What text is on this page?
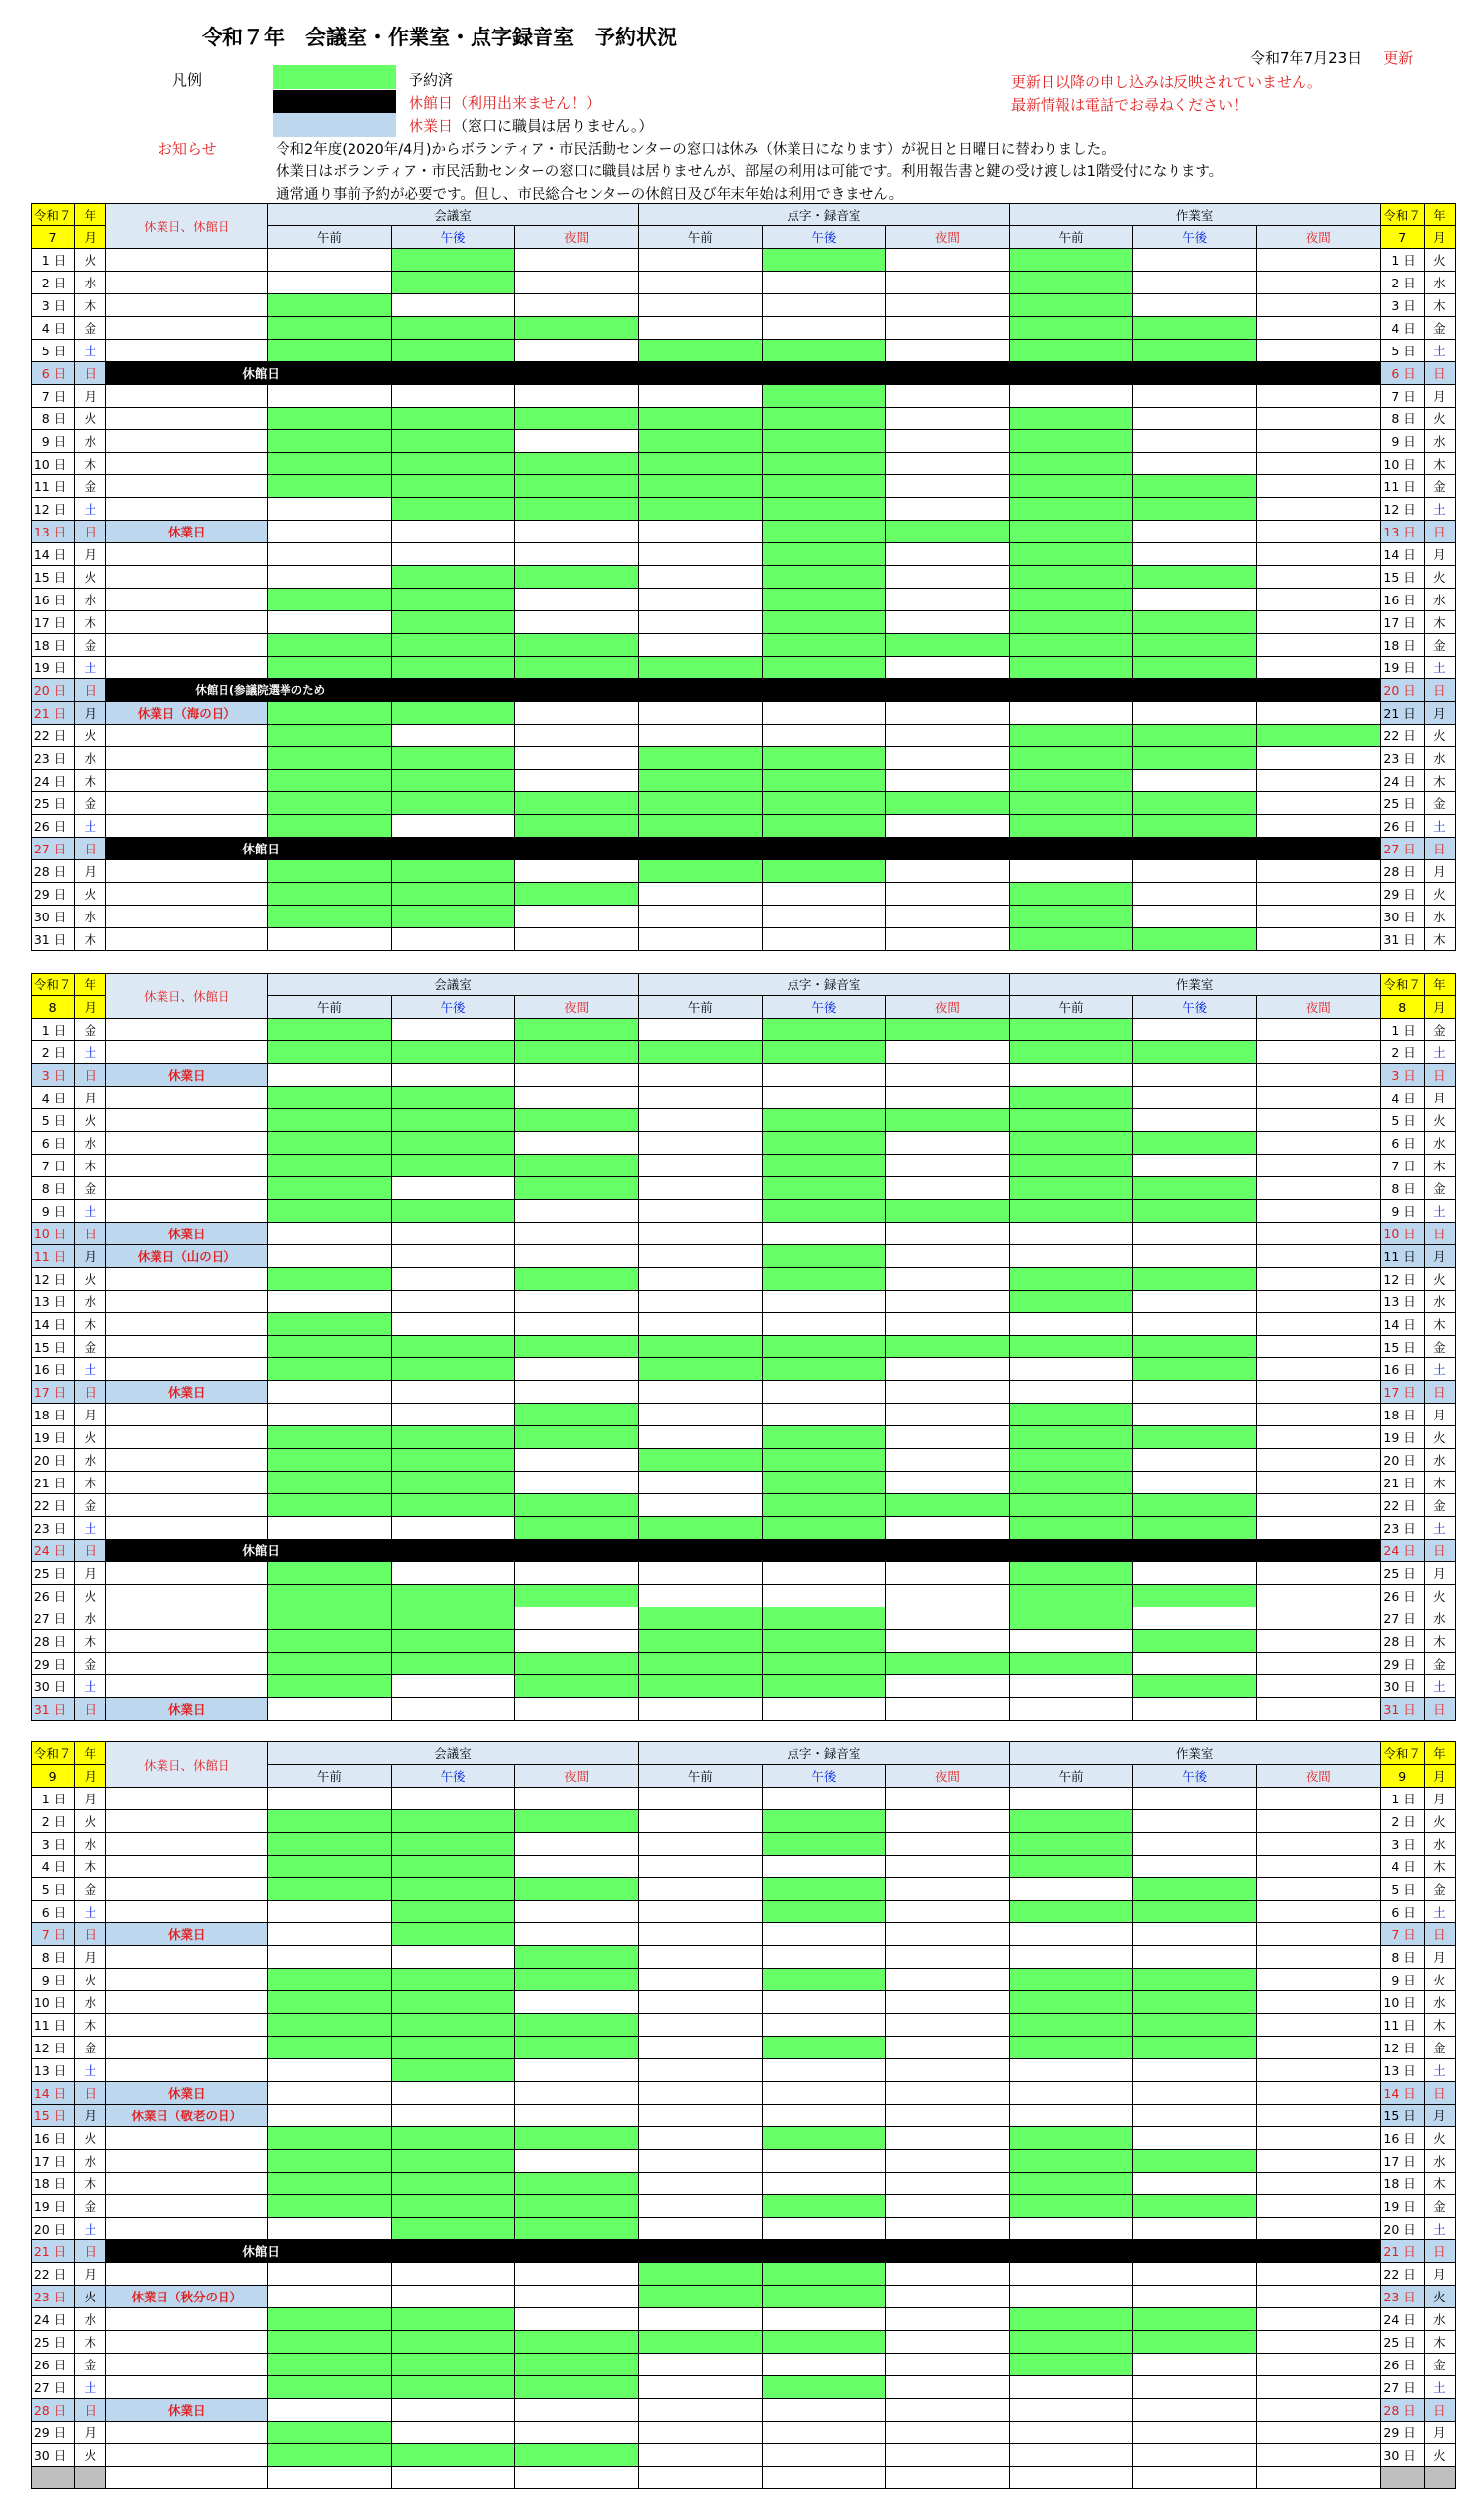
令和７年　会議室・作業室・点字録音室　予約状況
令和7年7月23日 更新
凡例	予約済
休館日（利用出来ません！）
休業日（窓口に職員は居りません。）
更新日以降の申し込みは反映されていません。
最新情報は電話でお尋ねください！
お知らせ	令和2年度(2020年/4月)からボランティア・市民活動センターの窓口は休み（休業日になります）が祝日と日曜日に替わりました。
休業日はボランティア・市民活動センターの窓口に職員は居りませんが、部屋の利用は可能です。利用報告書と鍵の受け渡しは1階受付になります。
通常通り事前予約が必要です。但し、市民総合センターの休館日及び年末年始は利用できません。
令和７	年	休業日、休館日	会議室			点字・録音室			作業室			令和７	年
7	月		午前	午後	夜間	午前	午後	夜間	午前	午後	夜間	7	月
1 日	火											1 日	火
2 日	水											2 日	水
3 日	木											3 日	木
4 日	金											4 日	金
5 日	土											5 日	土
6 日	日	休館日										6 日	日
7 日	月											7 日	月
8 日	火											8 日	火
9 日	水											9 日	水
10 日	木											10 日	木
11 日	金											11 日	金
12 日	土											12 日	土
13 日	日	休業日										13 日	日
14 日	月											14 日	月
15 日	火											15 日	火
16 日	水											16 日	水
17 日	木											17 日	木
18 日	金											18 日	金
19 日	土											19 日	土
20 日	日	休館日(参議院選挙のため										20 日	日
21 日	月	休業日（海の日）										21 日	月
22 日	火											22 日	火
23 日	水											23 日	水
24 日	木											24 日	木
25 日	金											25 日	金
26 日	土											26 日	土
27 日	日	休館日										27 日	日
28 日	月											28 日	月
29 日	火											29 日	火
30 日	水											30 日	水
31 日	木											31 日	木
令和７	年	休業日、休館日	会議室			点字・録音室			作業室			令和７	年
8	月		午前	午後	夜間	午前	午後	夜間	午前	午後	夜間	8	月
1 日	金											1 日	金
2 日	土											2 日	土
3 日	日	休業日										3 日	日
4 日	月											4 日	月
5 日	火											5 日	火
6 日	水											6 日	水
7 日	木											7 日	木
8 日	金											8 日	金
9 日	土											9 日	土
10 日	日	休業日										10 日	日
11 日	月	休業日（山の日）										11 日	月
12 日	火											12 日	火
13 日	水											13 日	水
14 日	木											14 日	木
15 日	金											15 日	金
16 日	土											16 日	土
17 日	日	休業日										17 日	日
18 日	月											18 日	月
19 日	火											19 日	火
20 日	水											20 日	水
21 日	木											21 日	木
22 日	金											22 日	金
23 日	土											23 日	土
24 日	日	休館日										24 日	日
25 日	月											25 日	月
26 日	火											26 日	火
27 日	水											27 日	水
28 日	木											28 日	木
29 日	金											29 日	金
30 日	土											30 日	土
31 日	日	休業日										31 日	日
令和７	年	休業日、休館日	会議室			点字・録音室			作業室			令和７	年
9	月		午前	午後	夜間	午前	午後	夜間	午前	午後	夜間	9	月
1 日	月											1 日	月
2 日	火											2 日	火
3 日	水											3 日	水
4 日	木											4 日	木
5 日	金											5 日	金
6 日	土											6 日	土
7 日	日	休業日										7 日	日
8 日	月											8 日	月
9 日	火											9 日	火
10 日	水											10 日	水
11 日	木											11 日	木
12 日	金											12 日	金
13 日	土											13 日	土
14 日	日	休業日										14 日	日
15 日	月	休業日（敬老の日）										15 日	月
16 日	火											16 日	火
17 日	水											17 日	水
18 日	木											18 日	木
19 日	金											19 日	金
20 日	土											20 日	土
21 日	日	休館日										21 日	日
22 日	月											22 日	月
23 日	火	休業日（秋分の日）										23 日	火
24 日	水											24 日	水
25 日	木											25 日	木
26 日	金											26 日	金
27 日	土											27 日	土
28 日	日	休業日										28 日	日
29 日	月											29 日	月
30 日	火											30 日	火
